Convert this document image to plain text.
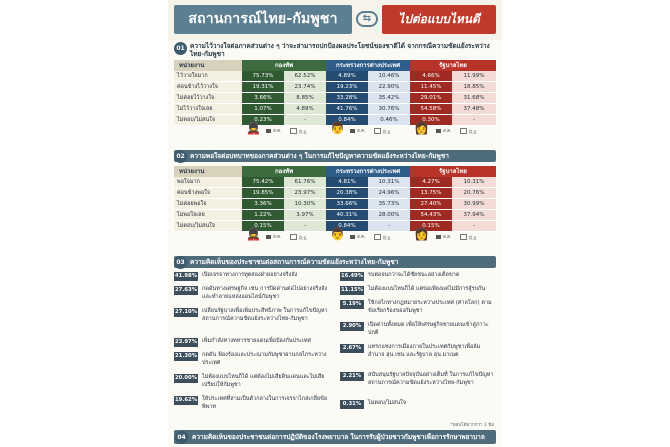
สถานการณ์ไทย-กัมพูชา	⇆	ไปต่อแบบไหนดี
01 ความไว้วางใจต่อภาคส่วนต่าง ๆ ว่าจะสามารถปกป้องผลประโยชน์ของชาติได้ จากกรณีความขัดแย้งระหว่างไทย-กัมพูชา
หน่วยงาน	กองทัพ	กระทรวงการต่างประเทศ	รัฐบาลไทย
ไว้วางใจมาก	75.73%	62.52%	4.89%	10.46%	4.66%	11.99%
ค่อนข้างไว้วางใจ	19.31%	23.74%	19.23%	22.90%	11.45%	18.85%
ไม่ค่อยไว้วางใจ	3.66%	8.85%	33.28%	35.42%	29.01%	31.68%
ไม่ไว้วางใจเลย	1.07%	4.89%	41.76%	30.76%	54.58%	37.48%
ไม่ตอบ/ไม่สนใจ	0.23%	-	0.84%	0.46%	0.30%	-
ส.ค.	มิ.ย.	ส.ค.	มิ.ย.	ส.ค.	มิ.ย.
💂	👨	👩
02 ความพอใจต่อบทบาทของภาคส่วนต่าง ๆ ในการแก้ไขปัญหาความขัดแย้งระหว่างไทย-กัมพูชา
หน่วยงาน	กองทัพ	กระทรวงการต่างประเทศ	รัฐบาลไทย
พอใจมาก	75.42%	61.76%	4.81%	10.31%	4.27%	10.31%
ค่อนข้างพอใจ	19.85%	23.97%	20.38%	24.96%	13.75%	20.76%
ไม่ค่อยพอใจ	3.36%	10.30%	33.66%	35.73%	27.40%	30.99%
ไม่พอใจเลย	1.22%	3.97%	40.31%	28.00%	54.43%	37.94%
ไม่ตอบ/ไม่สนใจ	0.15%	-	0.84%	-	0.15%	-
ส.ค.	มิ.ย.	ส.ค.	มิ.ย.	ส.ค.	มิ.ย.
💂	👨	👩
03 ความคิดเห็นของประชาชนต่อสถานการณ์ความขัดแย้งระหว่างไทย-กัมพูชา
41.98% เปิดเจรจาทางการทูตสองฝ่ายอย่างจริงจัง
27.63% กดดันทางเศรษฐกิจ เช่น การปิดด่านต่อไปอย่างจริงจัง และทำลายแหล่งออนไลน์กัมพูชา
27.10% เปลี่ยนรัฐบาลเพื่อเพิ่มประสิทธิภาพ ในการแก้ไขปัญหาสถานการณ์ความขัดแย้งระหว่างไทย-กัมพูชา
23.97% เพิ่มกำลังทางทหารชายแดนเพื่อป้องกันประเทศ
21.30% กดดัน ฟ้องร้องและประณามกัมพูชาผ่านกลไกระหว่างประเทศ
20.00% ไม่ต้องแบบไหนก็ได้ แต่ต้องไม่เสียดินแดนและไม่เสียเปรียบให้กัมพูชา
19.62% ให้ประเทศที่สามเป็นตัวกลางในการเจรจาไกล่เกลี่ยข้อพิพาท
16.49% รบต่อจนกว่าจะได้ชัยชนะอย่างเด็ดขาด
11.15% ไม่ต้องแบบไหนก็ได้ แต่ขอเพียงแค่ไม่มีการสู้รบกัน
5.19%	ใช้กลไกทางกฎหมายระหว่างประเทศ (ศาลโลก) ตามข้อเรียกร้องของกัมพูชา
2.90%	เปิดด่านทั้งหมด เพื่อให้เศรษฐกิจชายแดนเข้าสู่ภาวะปกติ
2.67%	แทรกแซงการเมืองภายในประเทศกัมพูชาเพื่อล้มอำนาจ ฮุน เซน และรัฐบาล ฮุน มาเนต
2.21%	สนับสนุนรัฐบาลปัจจุบันอย่างเต็มที่ ในการแก้ไขปัญหาสถานการณ์ความขัดแย้งระหว่างไทย-กัมพูชา
0.31%	ไม่ตอบ/ไม่สนใจ
*ตอบได้มากกว่า 1 ข้อ
04 ความคิดเห็นของประชาชนต่อการปฏิบัติของโรงพยาบาล ในการรับผู้ป่วยชาวกัมพูชาเพื่อการรักษาพยาบาล
